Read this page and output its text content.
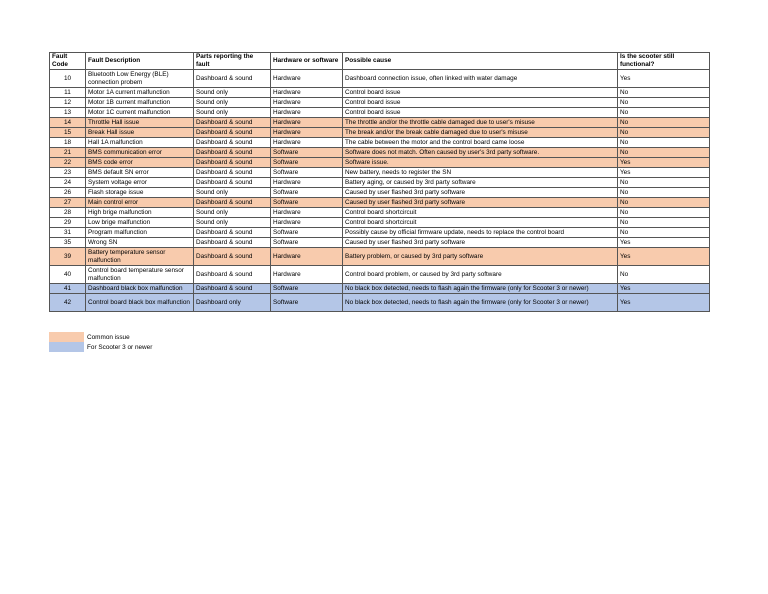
Fault Code	Fault Description	Parts reporting the fault	Hardware or software	Possible cause	Is the scooter still functional?
10	Bluetooth Low Energy (BLE) connection probem	Dashboard & sound	Hardware	Dashboard connection issue, often linked with water damage	Yes
11	Motor 1A current malfunction	Sound only	Hardware	Control board issue	No
12	Motor 1B current malfunction	Sound only	Hardware	Control board issue	No
13	Motor 1C current malfunction	Sound only	Hardware	Control board issue	No
14	Throttle Hall issue	Dashboard & sound	Hardware	The throttle and/or the throttle cable damaged due to user's misuse	No
15	Break Hall issue	Dashboard & sound	Hardware	The break and/or the break cable damaged due to user's misuse	No
18	Hall 1A malfunction	Dashboard & sound	Hardware	The cable between the motor and the control board came loose	No
21	BMS communication error	Dashboard & sound	Software	Software does not match. Often caused by user's 3rd party software.	No
22	BMS code error	Dashboard & sound	Software	Software issue.	Yes
23	BMS default SN error	Dashboard & sound	Software	New battery, needs to register the SN	Yes
24	System voltage error	Dashboard & sound	Hardware	Battery aging, or caused by 3rd party software	No
26	Flash storage issue	Sound only	Software	Caused by user flashed 3rd party software	No
27	Main control error	Dashboard & sound	Software	Caused by user flashed 3rd party software	No
28	High brige malfunction	Sound only	Hardware	Control board shortcircuit	No
29	Low brige malfunction	Sound only	Hardware	Control board shortcircuit	No
31	Program malfunction	Dashboard & sound	Software	Possibly cause by official firmware update, needs to replace the control board	No
35	Wrong SN	Dashboard & sound	Software	Caused by user flashed 3rd party software	Yes
39	Battery temperature sensor malfunction	Dashboard & sound	Hardware	Battery problem, or caused by 3rd party software	Yes
40	Control board temperature sensor malfunction	Dashboard & sound	Hardware	Control board problem, or caused by 3rd party software	No
41	Dashboard black box malfunction	Dashboard & sound	Software	No black box detected, needs to flash again the firmware (only for Scooter 3 or newer)	Yes
42	Control board black box malfunction	Dashboard only	Software	No black box detected, needs to flash again the firmware (only for Scooter 3 or newer)	Yes
Common issue
For Scooter 3 or newer
